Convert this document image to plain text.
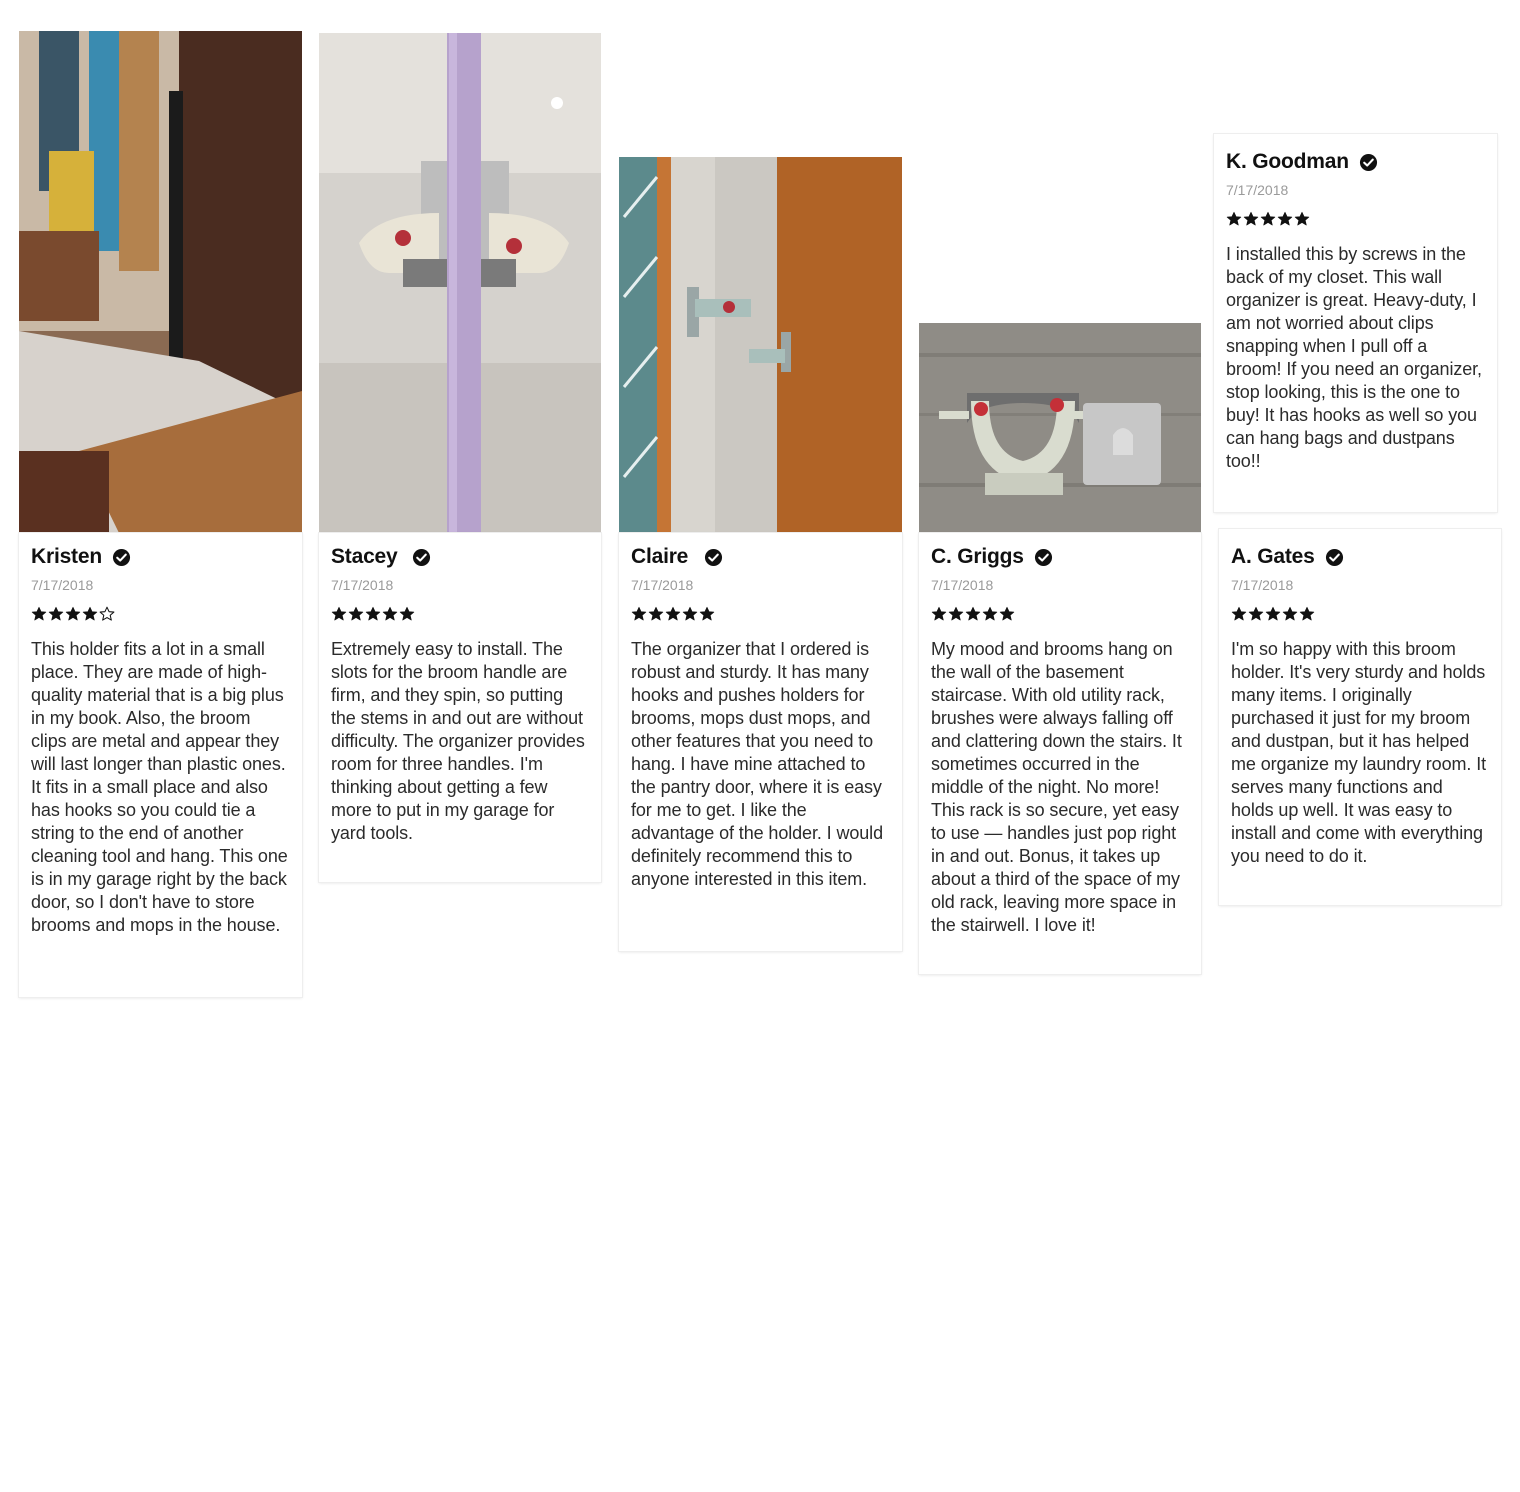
Kristen
7/17/2018
This holder fits a lot in a small place. They are made of high-quality material that is a big plus in my book. Also, the broom clips are metal and appear they will last longer than plastic ones. It fits in a small place and also has hooks so you could tie a string to the end of another cleaning tool and hang. This one is in my garage right by the back door, so I don't have to store brooms and mops in the house.
Stacey
7/17/2018
Extremely easy to install. The slots for the broom handle are firm, and they spin, so putting the stems in and out are without difficulty. The organizer provides room for three handles. I'm thinking about getting a few more to put in my garage for yard tools.
Claire
7/17/2018
The organizer that I ordered is robust and sturdy. It has many hooks and pushes holders for brooms, mops dust mops, and other features that you need to hang. I have mine attached to the pantry door, where it is easy for me to get. I like the advantage of the holder. I would definitely recommend this to anyone interested in this item.
C. Griggs
7/17/2018
My mood and brooms hang on the wall of the basement staircase. With old utility rack, brushes were always falling off and clattering down the stairs. It sometimes occurred in the middle of the night. No more! This rack is so secure, yet easy to use — handles just pop right in and out. Bonus, it takes up about a third of the space of my old rack, leaving more space in the stairwell. I love it!
A. Gates
7/17/2018
I'm so happy with this broom holder. It's very sturdy and holds many items. I originally purchased it just for my broom and dustpan, but it has helped me organize my laundry room. It serves many functions and holds up well. It was easy to install and come with everything you need to do it.
K. Goodman
7/17/2018
I installed this by screws in the back of my closet. This wall organizer is great. Heavy-duty, I am not worried about clips snapping when I pull off a broom! If you need an organizer, stop looking, this is the one to buy! It has hooks as well so you can hang bags and dustpans too!!
